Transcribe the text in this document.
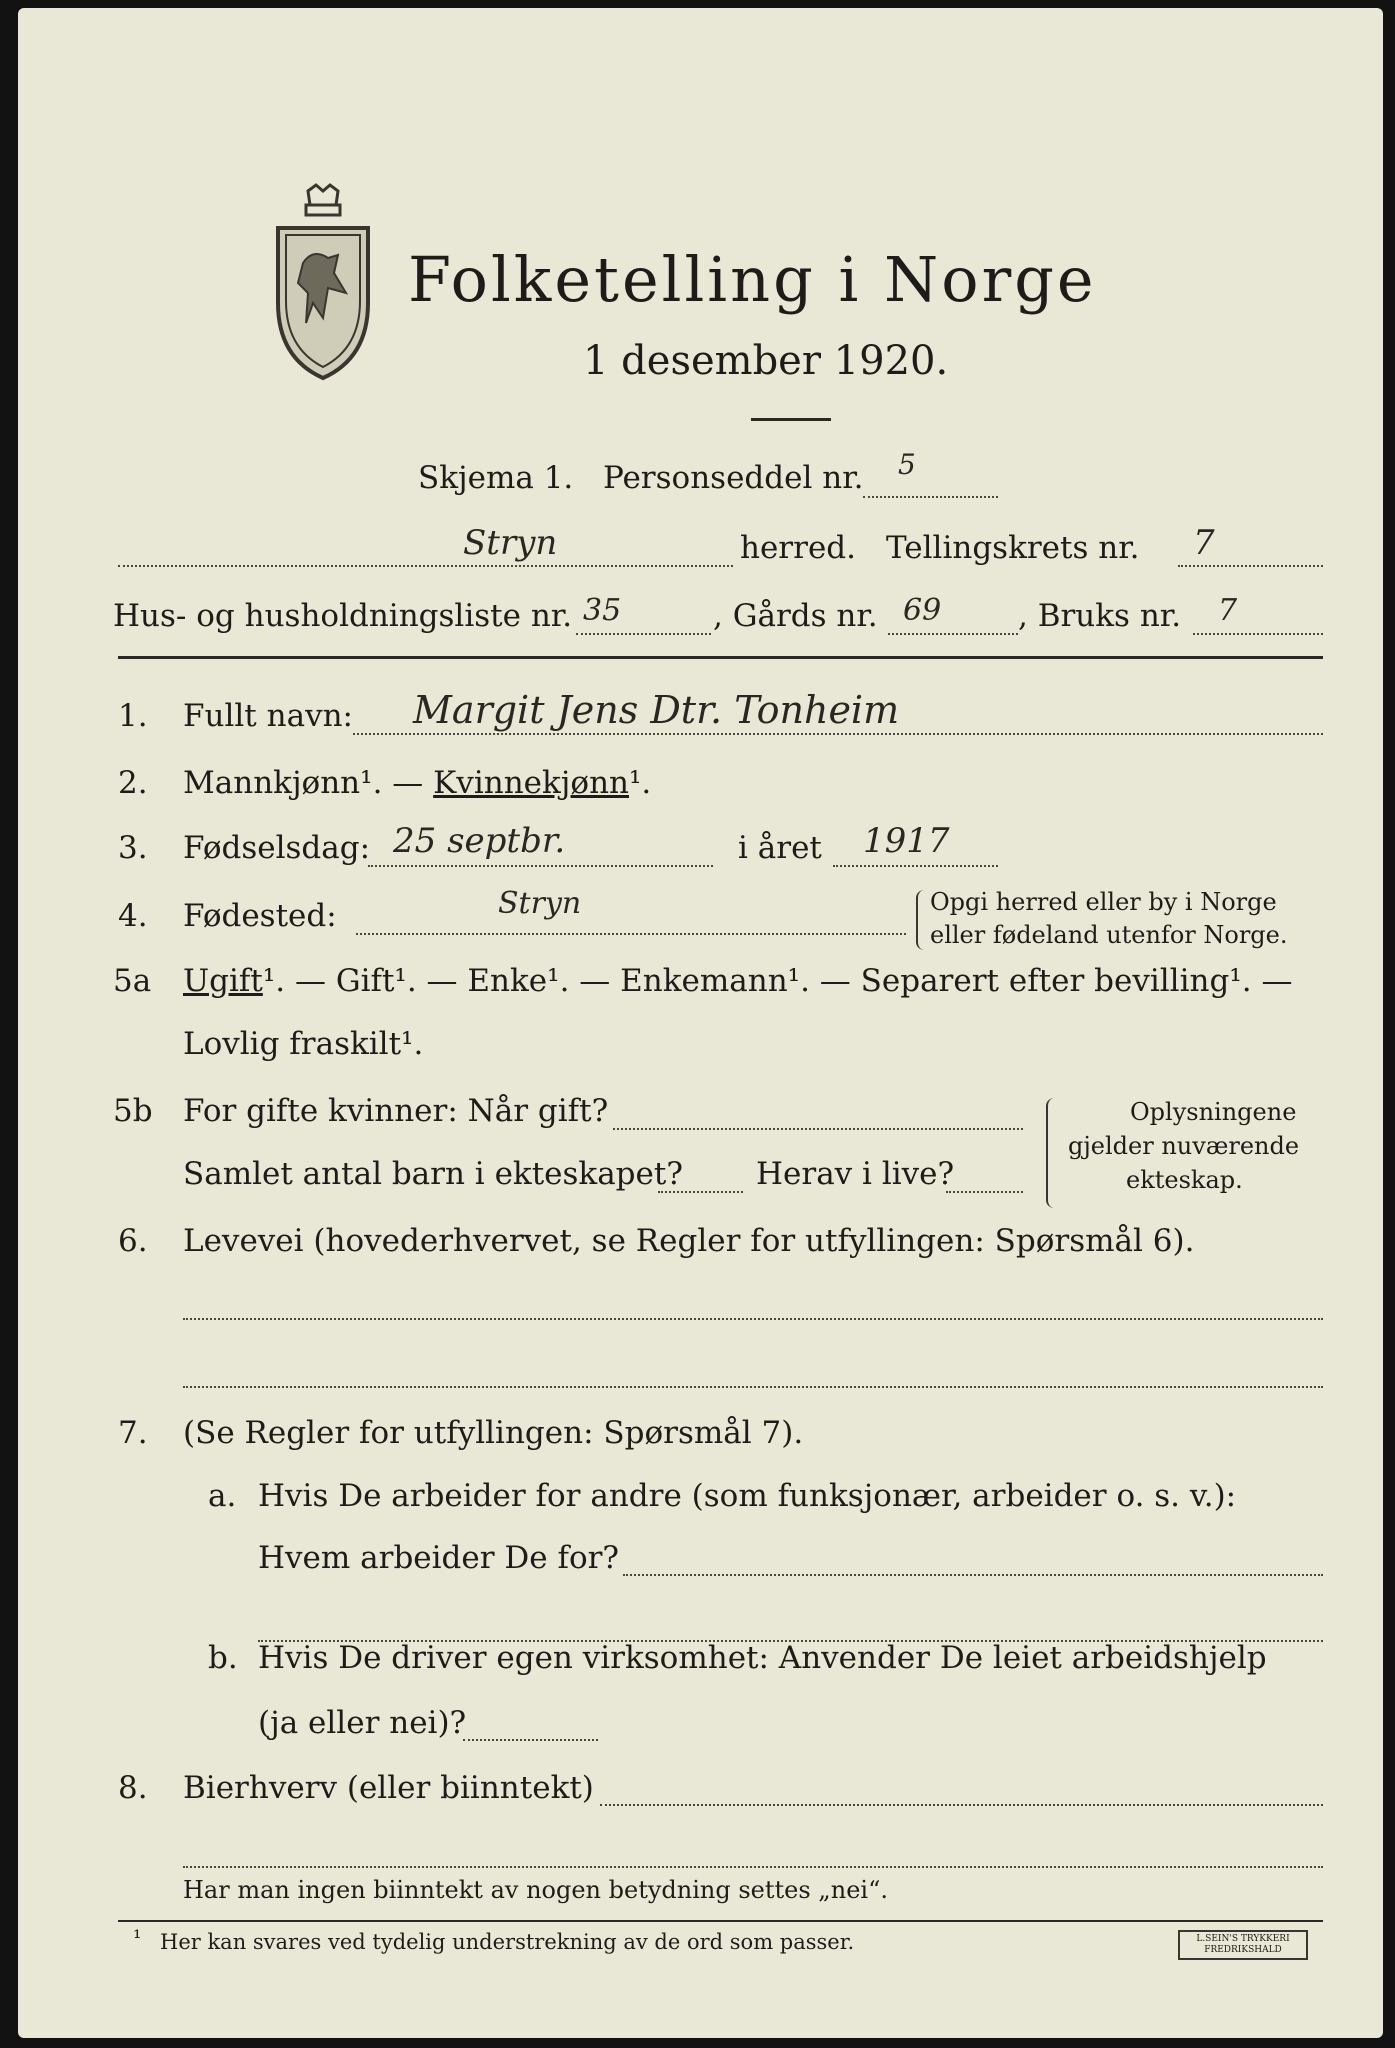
Folketelling i Norge
1 desember 1920.
Skjema 1. Personseddel nr. 5
Stryn	herred. Tellingskrets nr. 7
Hus- og husholdningsliste nr. 35	, Gårds nr. 69 , Bruks nr. 7
1. Fullt navn: Margit Jens Dtr. Tonheim
2. Mannkjønn¹. — Kvinnekjønn¹.
3. Fødselsdag: 25 septbr.	i året 1917
4. Fødested:	Stryn	Opgi herred eller by i Norge
eller fødeland utenfor Norge.
5a Ugift¹. — Gift¹. — Enke¹. — Enkemann¹. — Separert efter bevilling¹. —
Lovlig fraskilt¹.
5b For gifte kvinner: Når gift?
Samlet antal barn i ekteskapet? Herav i live?
Oplysningene
gjelder nuværende
ekteskap.
6. Levevei (hovederhvervet, se Regler for utfyllingen: Spørsmål 6).
7. (Se Regler for utfyllingen: Spørsmål 7).
a. Hvis De arbeider for andre (som funksjonær, arbeider o. s. v.):
Hvem arbeider De for?
b. Hvis De driver egen virksomhet: Anvender De leiet arbeidshjelp
(ja eller nei)?
8. Bierhverv (eller biinntekt)
Har man ingen biinntekt av nogen betydning settes „nei“.
¹ Her kan svares ved tydelig understrekning av de ord som passer.	L.SEIN'S TRYKKERI
FREDRIKSHALD
